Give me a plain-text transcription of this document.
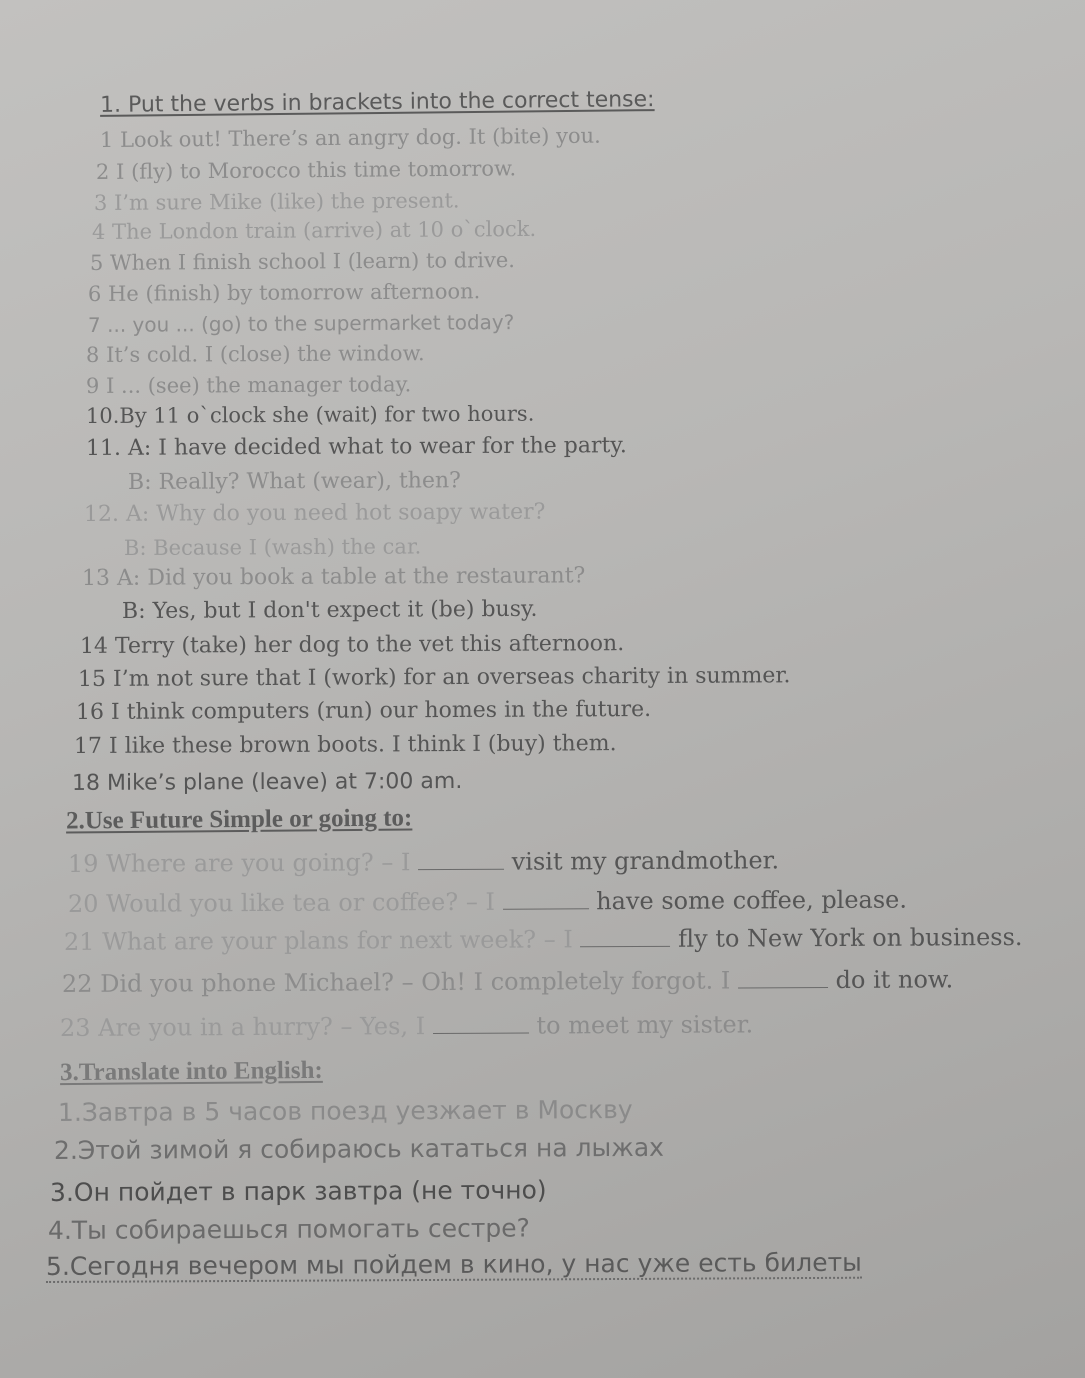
1. Put the verbs in brackets into the correct tense:
1 Look out! There’s an angry dog. It (bite) you.
2 I (fly) to Morocco this time tomorrow.
3 I’m sure Mike (like) the present.
4 The London train (arrive) at 10 o`clock.
5 When I finish school I (learn) to drive.
6 He (finish) by tomorrow afternoon.
7 ... you ... (go) to the supermarket today?
8 It’s cold. I (close) the window.
9 I ... (see) the manager today.
10.By 11 o`clock she (wait) for two hours.
11. A: I have decided what to wear for the party.
B: Really? What (wear), then?
12. A: Why do you need hot soapy water?
B: Because I (wash) the car.
13 A: Did you book a table at the restaurant?
B: Yes, but I don't expect it (be) busy.
14 Terry (take) her dog to the vet this afternoon.
15 I’m not sure that I (work) for an overseas charity in summer.
16 I think computers (run) our homes in the future.
17 I like these brown boots. I think I (buy) them.
18 Mike’s plane (leave) at 7:00 am.
2.Use Future Simple or going to:
19 Where are you going? – I	visit my grandmother.
20 Would you like tea or coffee? – I	have some coffee, please.
21 What are your plans for next week? – I	fly to New York on business.
22 Did you phone Michael? – Oh! I completely forgot. I	do it now.
23 Are you in a hurry? – Yes, I	to meet my sister.
3.Translate into English:
1.Завтра в 5 часов поезд уезжает в Москву
2.Этой зимой я собираюсь кататься на лыжах
3.Он пойдет в парк завтра (не точно)
4.Ты собираешься помогать сестре?
5.Сегодня вечером мы пойдем в кино, у нас уже есть билеты
